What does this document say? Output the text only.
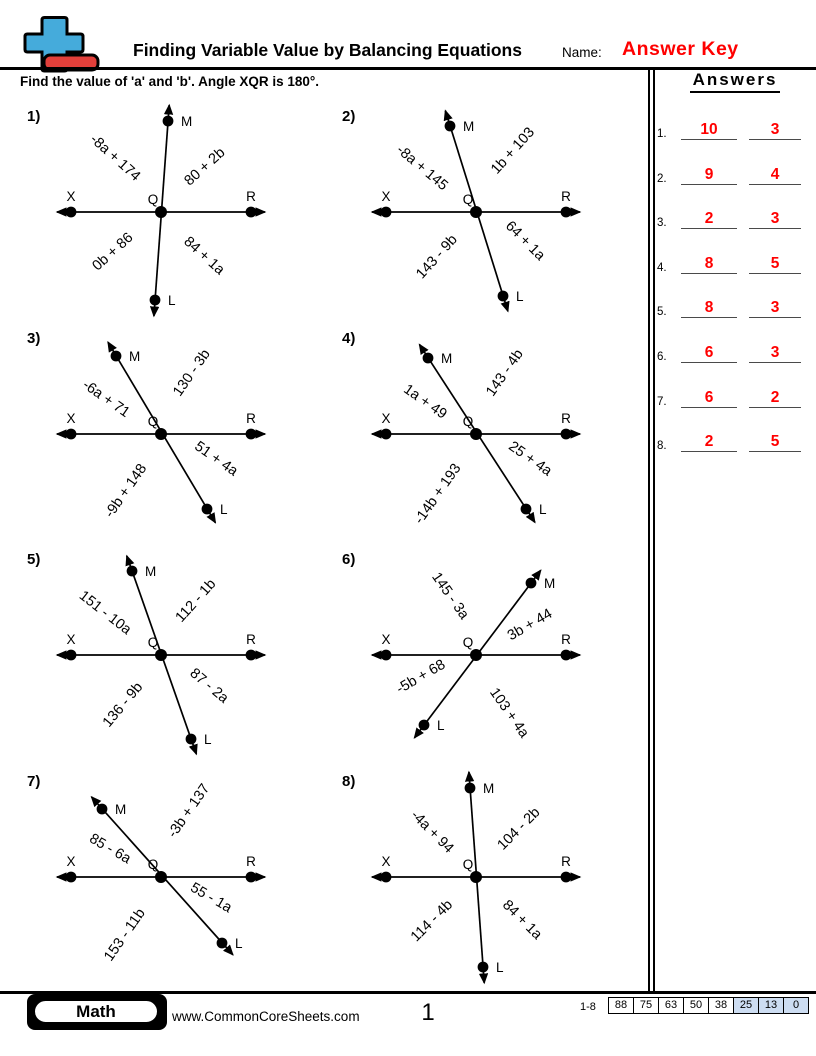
Finding Variable Value by Balancing Equations	Name: Answer Key
Find the value of 'a' and 'b'. Angle XQR is 180°.	Answers
1.	10	3
2.	9	4
3.	2	3
4.	8	5
5.	8	3
6.	6	3
7.	6	2
8.	2	5
1)
X	R
Q
M
L
-8a + 174	80 + 2b
0b + 86	84 + 1a
2)
X	R
Q
M
L
-8a + 145	1b + 103
143 - 9b	64 + 1a
3)
X	R
Q
M
L
-6a + 71	130 - 3b
-9b + 148
51 + 4a
4)
X	R
Q
M
L
1a + 49
143 - 4b
-14b + 193
25 + 4a
5)
X	R
Q
M
L
151 - 10a	112 - 1b
136 - 9b	87 - 2a
6)
X	R
Q
M
L
145 - 3a
3b + 44
-5b + 68
103 + 4a
7)
X	R
Q
M
L
85 - 6a
-3b + 137
153 - 11b
55 - 1a
8)
X	R
Q
M
L
-4a + 94	104 - 2b
114 - 4b	84 + 1a
Math	www.CommonCoreSheets.com	1	1-8	88	75	63	50	38	25	13	0
